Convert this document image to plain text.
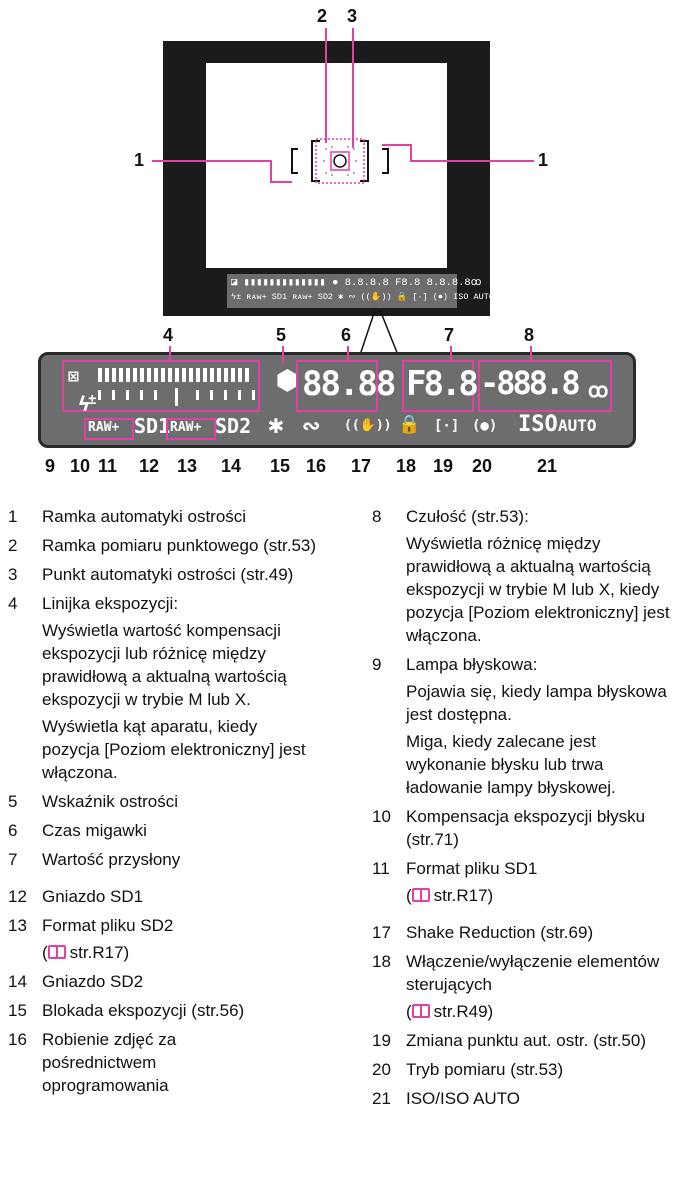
2 3
1	1
◪ ▮▮▮▮▮▮▮▮▮▮▮▮▮ ● 8.8.8.8 F8.8 8.8.8.8ꝏ
ϟ± ʀᴀᴡ+ SD1 ʀᴀᴡ+ SD2 ✱ ∾ ((✋)) 🔒 [·] (●) ISO AUTO
4	5	6	7	8
⊠
ϟ
±
⬢ 88.88 F8.8 -888.8 ꝏ
RAW+ SD1 RAW+ SD2 ✱ ∾ ((✋)) 🔒 [·] (●) ISO AUTO
9 10 11 12 13 14 15 16 17 18 19 20 21
1	Ramka automatyki ostrości
2	Ramka pomiaru punktowego (str.53)
3	Punkt automatyki ostrości (str.49)
4	Linijka ekspozycji:
Wyświetla wartość kompensacji ekspozycji lub różnicę między prawidłową a aktualną wartością ekspozycji w trybie M lub X.
Wyświetla kąt aparatu, kiedy pozycja [Poziom elektroniczny] jest włączona.
5	Wskaźnik ostrości
6	Czas migawki
7	Wartość przysłony
12 Gniazdo SD1
13 Format pliku SD2
( str.R17)
14 Gniazdo SD2
15 Blokada ekspozycji (str.56)
16 Robienie zdjęć za pośrednictwem oprogramowania
8	Czułość (str.53):
Wyświetla różnicę między prawidłową a aktualną wartością ekspozycji w trybie M lub X, kiedy pozycja [Poziom elektroniczny] jest włączona.
9	Lampa błyskowa:
Pojawia się, kiedy lampa błyskowa jest dostępna.
Miga, kiedy zalecane jest wykonanie błysku lub trwa ładowanie lampy błyskowej.
10 Kompensacja ekspozycji błysku (str.71)
11 Format pliku SD1
( str.R17)
17 Shake Reduction (str.69)
18 Włączenie/wyłączenie elementów sterujących
( str.R49)
19 Zmiana punktu aut. ostr. (str.50)
20 Tryb pomiaru (str.53)
21 ISO/ISO AUTO
